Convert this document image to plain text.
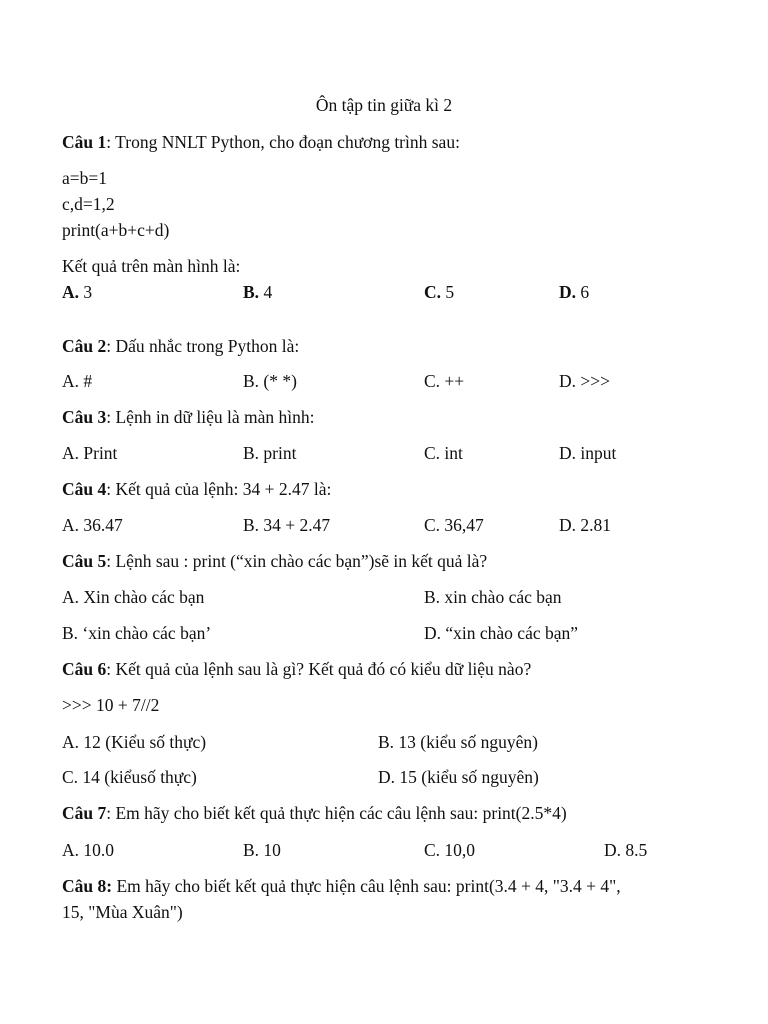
Ôn tập tin giữa kì 2
Câu 1: Trong NNLT Python, cho đoạn chương trình sau:
a=b=1
c,d=1,2
print(a+b+c+d)
Kết quả trên màn hình là:
A. 3	B. 4	C. 5	D. 6
Câu 2: Dấu nhắc trong Python là:
A. #	B. (* *)	C. ++	D. >>>
Câu 3: Lệnh in dữ liệu là màn hình:
A. Print	B. print	C. int	D. input
Câu 4: Kết quả của lệnh: 34 + 2.47 là:
A. 36.47	B. 34 + 2.47	C. 36,47	D. 2.81
Câu 5: Lệnh sau : print (“xin chào các bạn”)sẽ in kết quả là?
A. Xin chào các bạn	B. xin chào các bạn
B. ‘xin chào các bạn’	D. “xin chào các bạn”
Câu 6: Kết quả của lệnh sau là gì? Kết quả đó có kiểu dữ liệu nào?
>>> 10 + 7//2
A. 12 (Kiểu số thực)	B. 13 (kiểu số nguyên)
C. 14 (kiểusố thực)	D. 15 (kiểu số nguyên)
Câu 7: Em hãy cho biết kết quả thực hiện các câu lệnh sau: print(2.5*4)
A. 10.0	B. 10	C. 10,0	D. 8.5
Câu 8: Em hãy cho biết kết quả thực hiện câu lệnh sau: print(3.4 + 4, "3.4 + 4",
15, "Mùa Xuân")
